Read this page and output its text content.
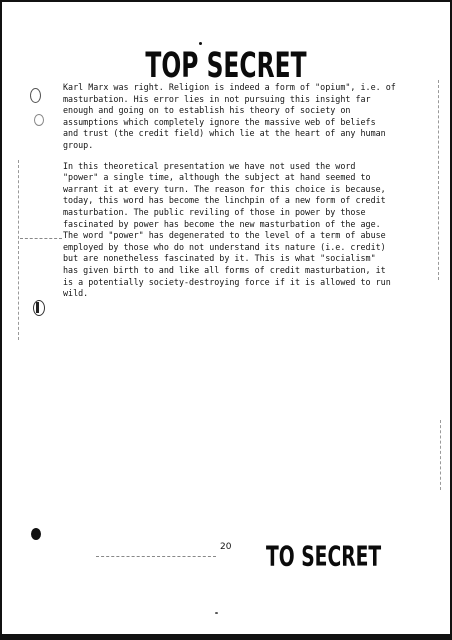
TOP SECRET

Karl Marx was right. Religion is indeed a form of "opium", i.e. of
masturbation. His error lies in not pursuing this insight far
enough and going on to establish his theory of society on
assumptions which completely ignore the massive web of beliefs
and trust (the credit field) which lie at the heart of any human
group.

In this theoretical presentation we have not used the word
"power" a single time, although the subject at hand seemed to
warrant it at every turn. The reason for this choice is because,
today, this word has become the linchpin of a new form of credit
masturbation. The public reviling of those in power by those
fascinated by power has become the new masturbation of the age.
The word "power" has degenerated to the level of a term of abuse
employed by those who do not understand its nature (i.e. credit)
but are nonetheless fascinated by it. This is what "socialism"
has given birth to and like all forms of credit masturbation, it
is a potentially society-destroying force if it is allowed to run
wild.

20 TO SECRET
